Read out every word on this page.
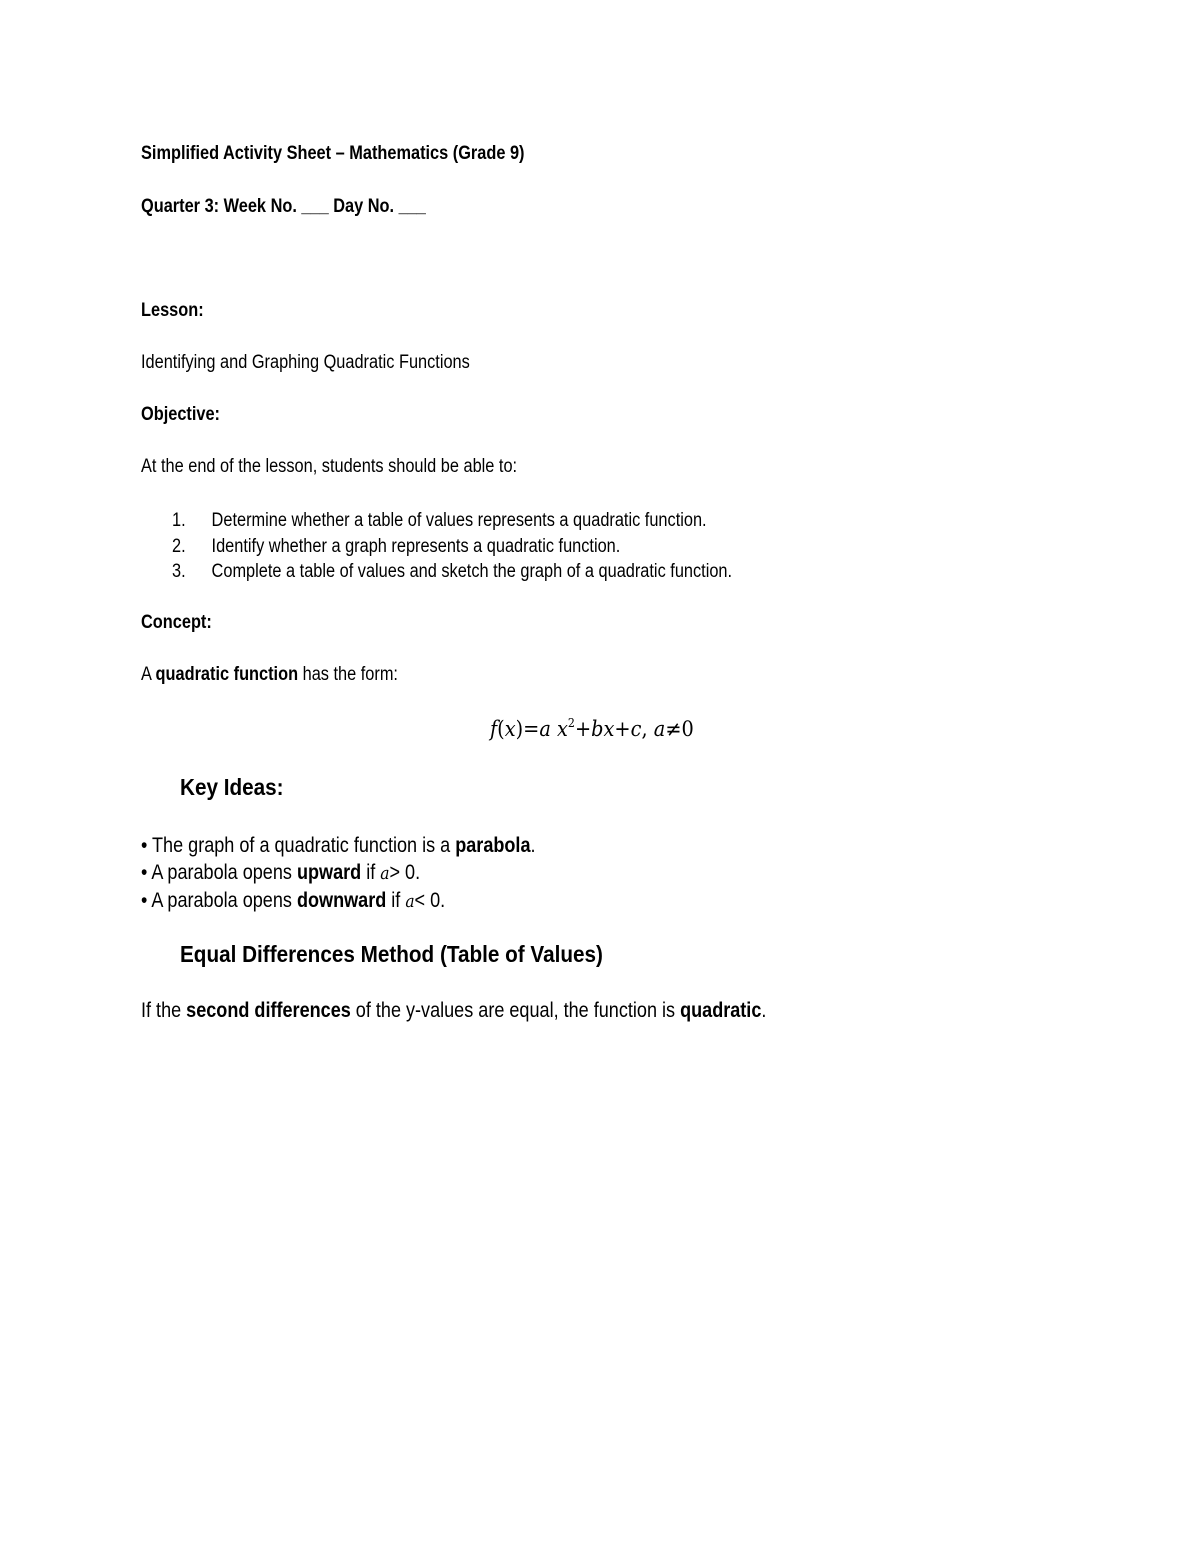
Simplified Activity Sheet – Mathematics (Grade 9)
Quarter 3: Week No. ___ Day No. ___
Lesson:
Identifying and Graphing Quadratic Functions
Objective:
At the end of the lesson, students should be able to:
1.	Determine whether a table of values represents a quadratic function.
2.	Identify whether a graph represents a quadratic function.
3.	Complete a table of values and sketch the graph of a quadratic function.
Concept:
A quadratic function has the form:
f(x)=a $x^2+bx+c$, a≠0
Key Ideas:
• The graph of a quadratic function is a parabola.
• A parabola opens upward if a> 0.
• A parabola opens downward if a< 0.
Equal Differences Method (Table of Values)
If the second differences of the y-values are equal, the function is quadratic.
